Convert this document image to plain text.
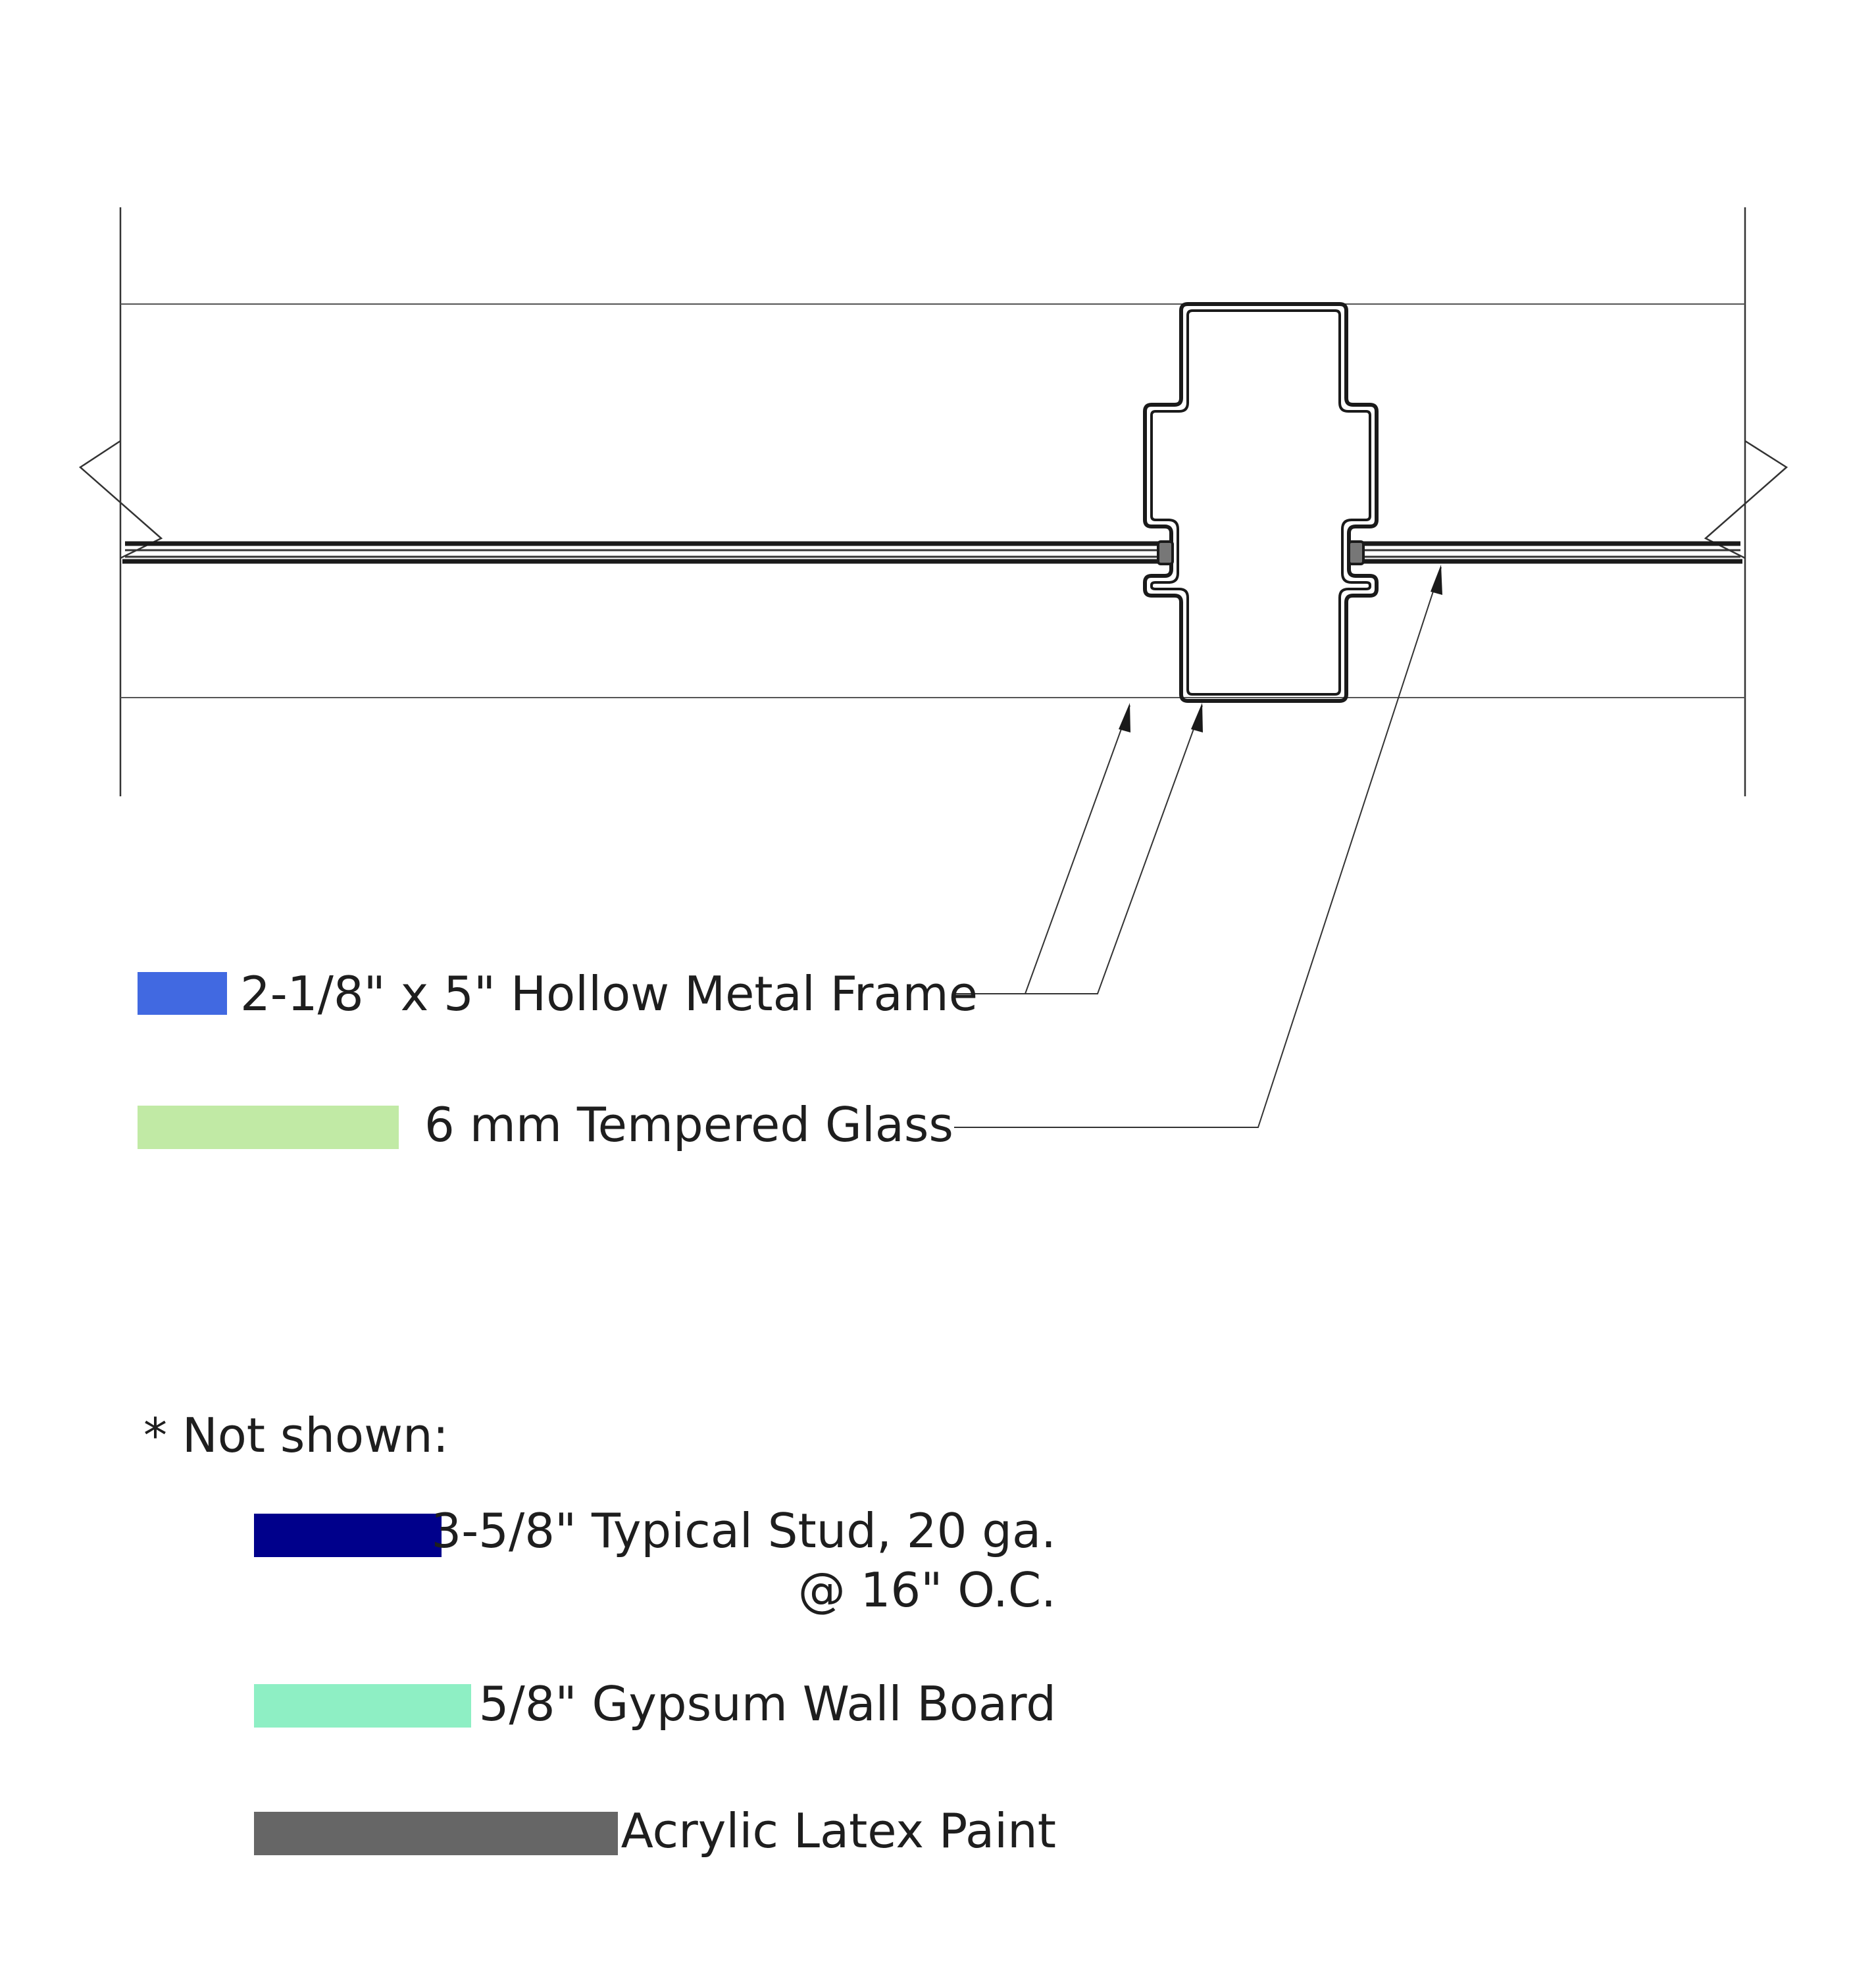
2-1/8" x 5" Hollow Metal Frame
6 mm Tempered Glass
* Not shown:
3-5/8" Typical Stud, 20 ga.
@ 16" O.C.
5/8" Gypsum Wall Board
Acrylic Latex Paint
